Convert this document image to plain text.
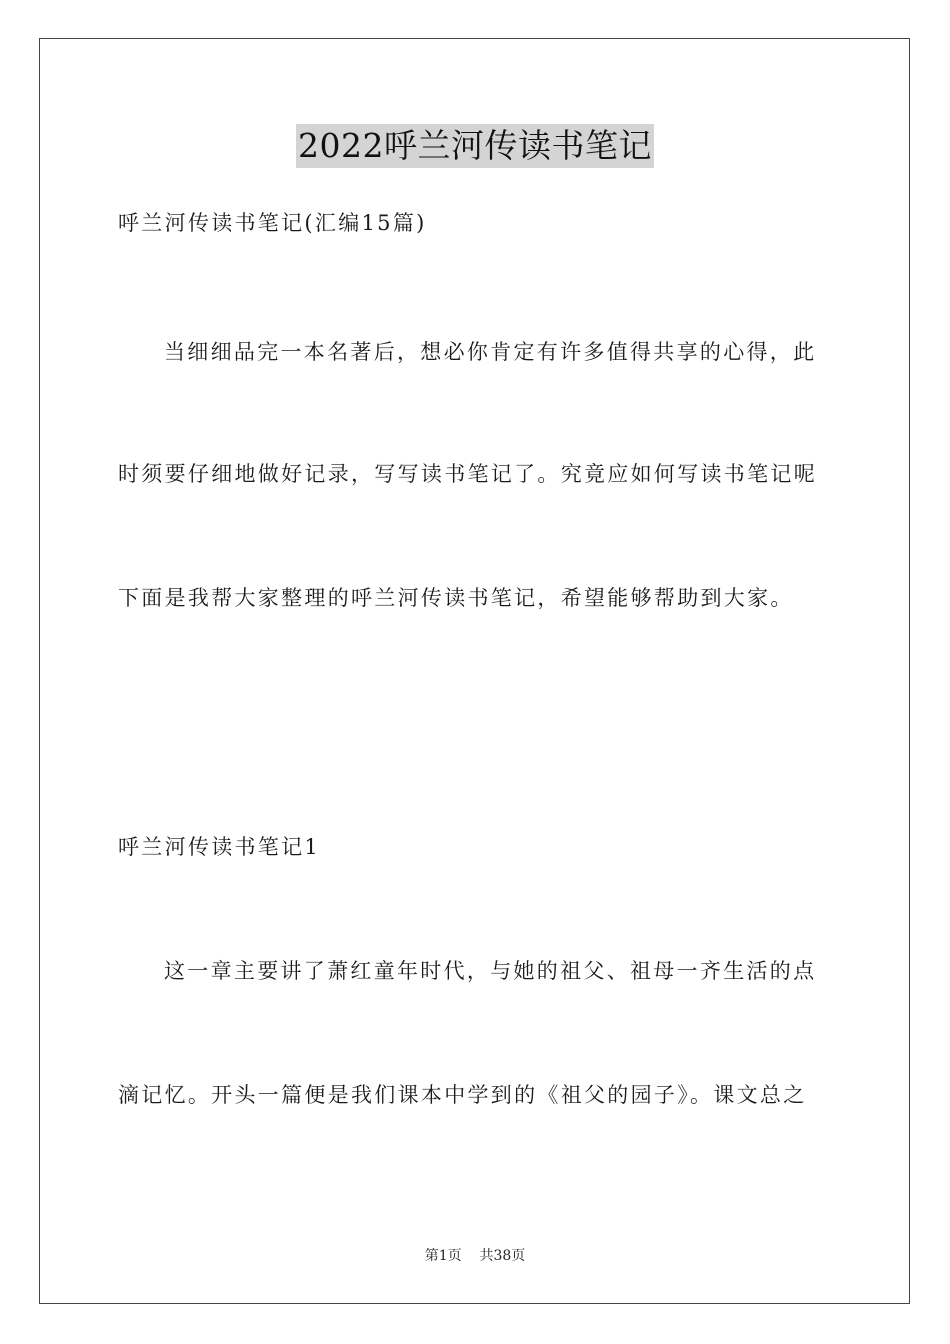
2022呼兰河传读书笔记
呼兰河传读书笔记(汇编15篇)
当细细品完一本名著后，想必你肯定有许多值得共享的心得，此
时须要仔细地做好记录，写写读书笔记了。究竟应如何写读书笔记呢
下面是我帮大家整理的呼兰河传读书笔记，希望能够帮助到大家。
呼兰河传读书笔记1
这一章主要讲了萧红童年时代，与她的祖父、祖母一齐生活的点
滴记忆。开头一篇便是我们课本中学到的《祖父的园子》。课文总之
第1页    共38页
